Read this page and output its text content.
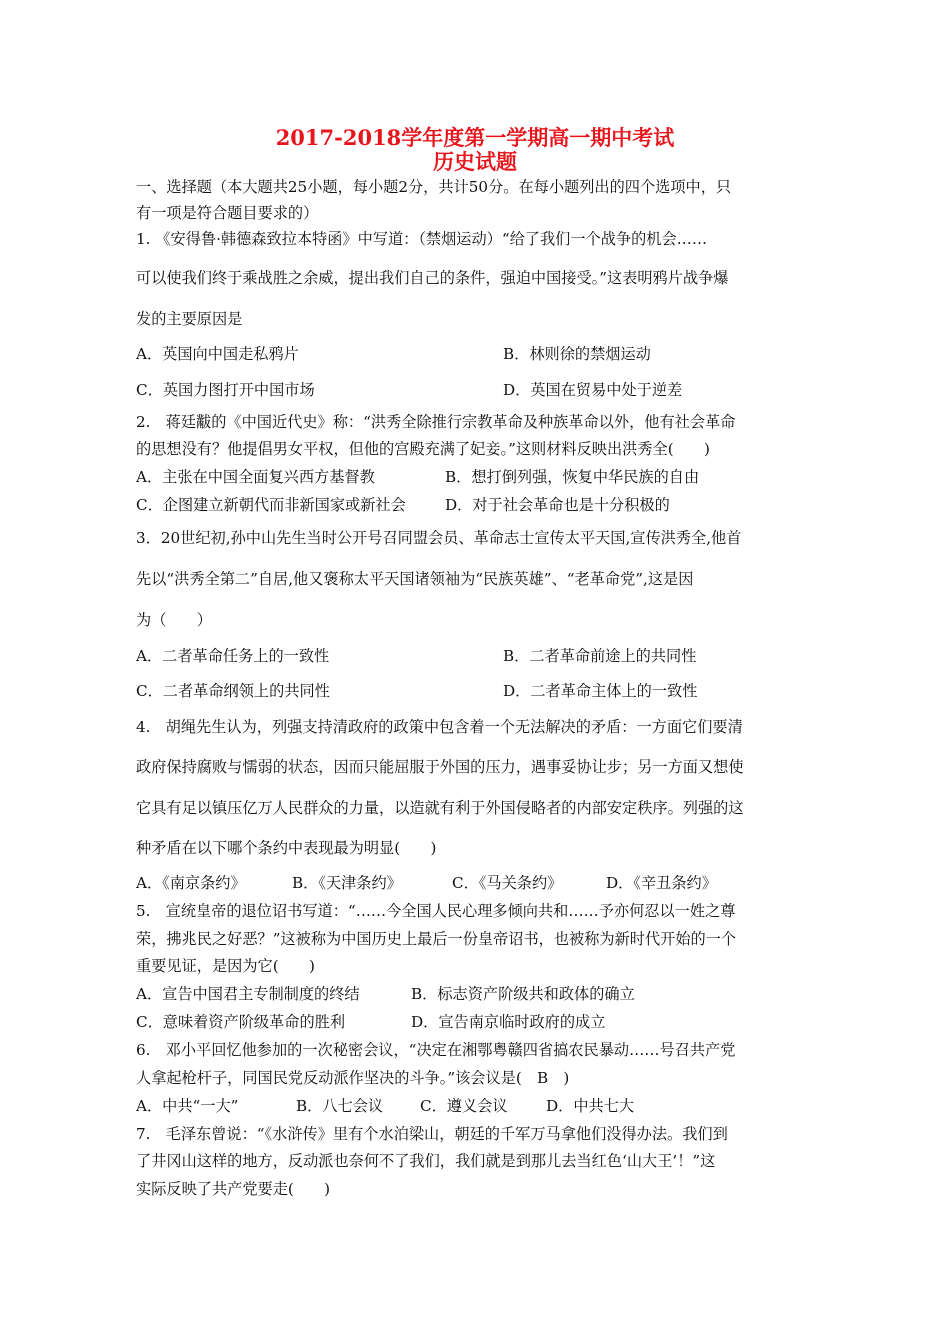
2017-2018学年度第一学期高一期中考试
历史试题
一、选择题（本大题共25小题，每小题2分，共计50分。在每小题列出的四个选项中，只
有一项是符合题目要求的）
1. 《安得鲁·韩德森致拉本特函》中写道：（禁烟运动）“给了我们一个战争的机会……
可以使我们终于乘战胜之余威，提出我们自己的条件，强迫中国接受。”这表明鸦片战争爆
发的主要原因是
A．英国向中国走私鸦片	B．林则徐的禁烟运动
C．英国力图打开中国市场	D．英国在贸易中处于逆差
2.　蒋廷黻的《中国近代史》称：“洪秀全除推行宗教革命及种族革命以外，他有社会革命
的思想没有？他提倡男女平权，但他的宫殿充满了妃妾。”这则材料反映出洪秀全(　　)
A．主张在中国全面复兴西方基督教	B．想打倒列强，恢复中华民族的自由
C．企图建立新朝代而非新国家或新社会	D．对于社会革命也是十分积极的
3．20世纪初,孙中山先生当时公开号召同盟会员、革命志士宣传太平天国,宣传洪秀全,他首
先以“洪秀全第二”自居,他又褒称太平天国诸领袖为“民族英雄”、“老革命党”,这是因
为（　　）
A．二者革命任务上的一致性	B．二者革命前途上的共同性
C．二者革命纲领上的共同性	D．二者革命主体上的一致性
4.　胡绳先生认为，列强支持清政府的政策中包含着一个无法解决的矛盾：一方面它们要清
政府保持腐败与懦弱的状态，因而只能屈服于外国的压力，遇事妥协让步；另一方面又想使
它具有足以镇压亿万人民群众的力量，以造就有利于外国侵略者的内部安定秩序。列强的这
种矛盾在以下哪个条约中表现最为明显(　　)
A．《南京条约》	B．《天津条约》	C．《马关条约》	D．《辛丑条约》
5.　宣统皇帝的退位诏书写道：“……今全国人民心理多倾向共和……予亦何忍以一姓之尊
荣，拂兆民之好恶？”这被称为中国历史上最后一份皇帝诏书，也被称为新时代开始的一个
重要见证，是因为它(　　)
A．宣告中国君主专制制度的终结	B．标志资产阶级共和政体的确立
C．意味着资产阶级革命的胜利	D．宣告南京临时政府的成立
6.　邓小平回忆他参加的一次秘密会议，“决定在湘鄂粤赣四省搞农民暴动……号召共产党
人拿起枪杆子，同国民党反动派作坚决的斗争。”该会议是(　B　)
A．中共“一大”	B．八七会议 C．遵义会议	D．中共七大
7.　毛泽东曾说：“《水浒传》里有个水泊梁山，朝廷的千军万马拿他们没得办法。我们到
了井冈山这样的地方，反动派也奈何不了我们，我们就是到那儿去当红色‘山大王’！”这
实际反映了共产党要走(　　)
